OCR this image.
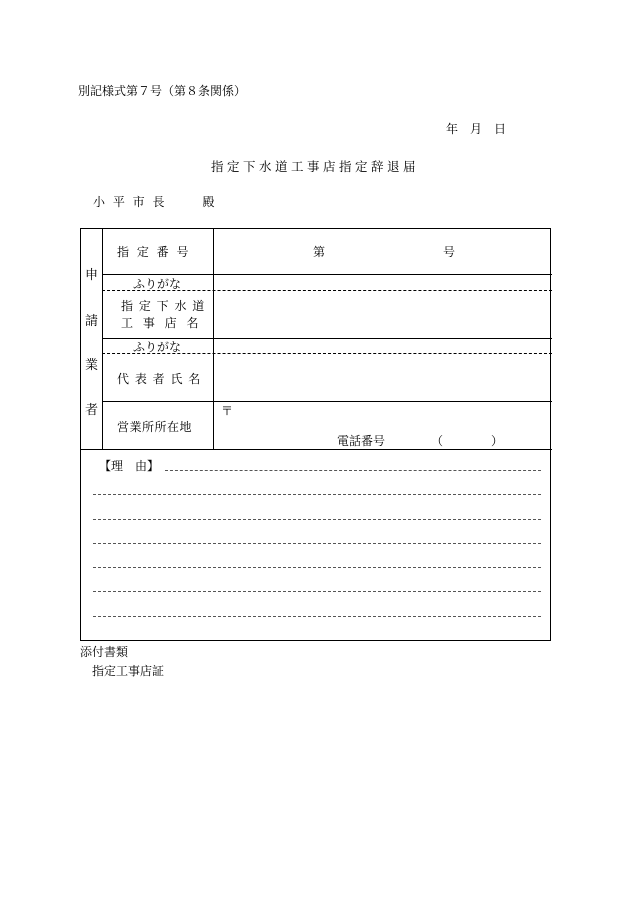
別記様式第７号（第８条関係）
年　月　日
指定下水道工事店指定辞退届
小 平 市 長	殿
申
請
業
者
指 定 番 号	第	号
ふりがな
指 定 下 水 道
工 事 店 名
ふりがな
代 表 者 氏 名
営業所所在地
〒
電話番号	（　　）
【理　由】
添付書類
指定工事店証
